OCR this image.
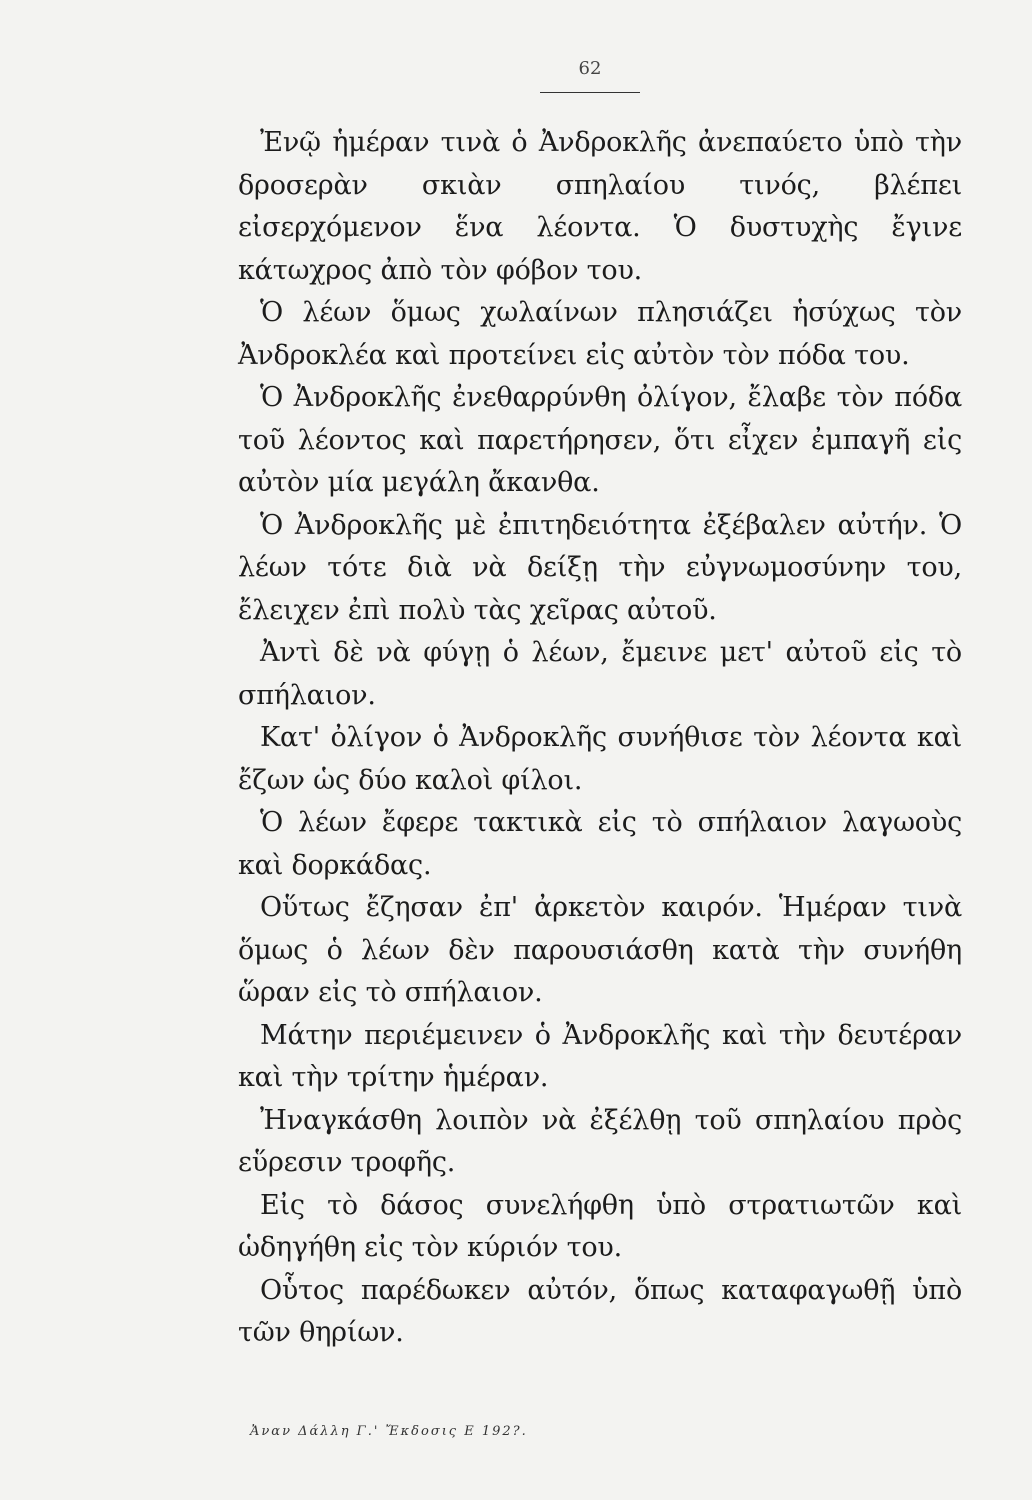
62

Ἐνῷ ἡμέραν τινὰ ὁ Ἀνδροκλῆς ἀνεπαύετο ὑπὸ τὴν δροσερὰν σκιὰν σπηλαίου τινός, βλέπει εἰσερχόμενον ἕνα λέοντα. Ὁ δυστυχὴς ἔγινε κάτωχρος ἀπὸ τὸν φόβον του.

Ὁ λέων ὅμως χωλαίνων πλησιάζει ἡσύχως τὸν Ἀνδροκλέα καὶ προτείνει εἰς αὐτὸν τὸν πόδα του.

Ὁ Ἀνδροκλῆς ἐνεθαρρύνθη ὀλίγον, ἔλαβε τὸν πόδα τοῦ λέοντος καὶ παρετήρησεν, ὅτι εἶχεν ἐμπαγῆ εἰς αὐτὸν μία μεγάλη ἄκανθα.

Ὁ Ἀνδροκλῆς μὲ ἐπιτηδειότητα ἐξέβαλεν αὐτήν. Ὁ λέων τότε διὰ νὰ δείξῃ τὴν εὐγνωμοσύνην του, ἔλειχεν ἐπὶ πολὺ τὰς χεῖρας αὐτοῦ.

Ἀντὶ δὲ νὰ φύγῃ ὁ λέων, ἔμεινε μετ' αὐτοῦ εἰς τὸ σπήλαιον.

Κατ' ὀλίγον ὁ Ἀνδροκλῆς συνήθισε τὸν λέοντα καὶ ἔζων ὡς δύο καλοὶ φίλοι.

Ὁ λέων ἔφερε τακτικὰ εἰς τὸ σπήλαιον λαγωοὺς καὶ δορκάδας.

Οὕτως ἔζησαν ἐπ' ἀρκετὸν καιρόν. Ἡμέραν τινὰ ὅμως ὁ λέων δὲν παρουσιάσθη κατὰ τὴν συνήθη ὥραν εἰς τὸ σπήλαιον.

Μάτην περιέμεινεν ὁ Ἀνδροκλῆς καὶ τὴν δευτέραν καὶ τὴν τρίτην ἡμέραν.

Ἠναγκάσθη λοιπὸν νὰ ἐξέλθῃ τοῦ σπηλαίου πρὸς εὕρεσιν τροφῆς.

Εἰς τὸ δάσος συνελήφθη ὑπὸ στρατιωτῶν καὶ ὡδηγήθη εἰς τὸν κύριόν του.

Οὗτος παρέδωκεν αὐτόν, ὅπως καταφαγωθῇ ὑπὸ τῶν θηρίων.

Ἀναν Δάλλη Γ.' Ἔκδοσις Ε 192?.
